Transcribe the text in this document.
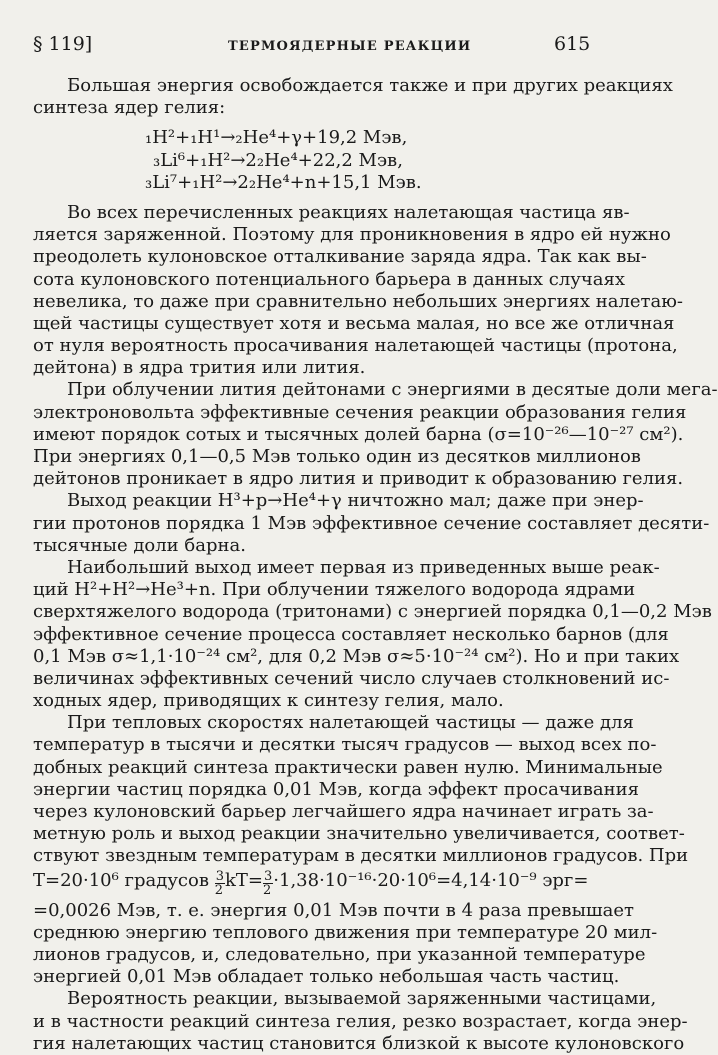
§ 119]	ТЕРМОЯДЕРНЫЕ РЕАКЦИИ	615
Большая энергия освобождается также и при других реакциях
синтеза ядер гелия:
₁H²+₁H¹→₂He⁴+γ+19,2 Мэв,
₃Li⁶+₁H²→2₂He⁴+22,2 Мэв,
₃Li⁷+₁H²→2₂He⁴+n+15,1 Мэв.
Во всех перечисленных реакциях налетающая частица яв-
ляется заряженной. Поэтому для проникновения в ядро ей нужно
преодолеть кулоновское отталкивание заряда ядра. Так как вы-
сота кулоновского потенциального барьера в данных случаях
невелика, то даже при сравнительно небольших энергиях налетаю-
щей частицы существует хотя и весьма малая, но все же отличная
от нуля вероятность просачивания налетающей частицы (протона,
дейтона) в ядра трития или лития.
При облучении лития дейтонами с энергиями в десятые доли мега-
электроновольта эффективные сечения реакции образования гелия
имеют порядок сотых и тысячных долей барна (σ=10⁻²⁶—10⁻²⁷ см²).
При энергиях 0,1—0,5 Мэв только один из десятков миллионов
дейтонов проникает в ядро лития и приводит к образованию гелия.
Выход реакции H³+p→He⁴+γ ничтожно мал; даже при энер-
гии протонов порядка 1 Мэв эффективное сечение составляет десяти-
тысячные доли барна.
Наибольший выход имеет первая из приведенных выше реак-
ций H²+H²→He³+n. При облучении тяжелого водорода ядрами
сверхтяжелого водорода (тритонами) с энергией порядка 0,1—0,2 Мэв
эффективное сечение процесса составляет несколько барнов (для
0,1 Мэв σ≈1,1·10⁻²⁴ см², для 0,2 Мэв σ≈5·10⁻²⁴ см²). Но и при таких
величинах эффективных сечений число случаев столкновений ис-
ходных ядер, приводящих к синтезу гелия, мало.
При тепловых скоростях налетающей частицы — даже для
температур в тысячи и десятки тысяч градусов — выход всех по-
добных реакций синтеза практически равен нулю. Минимальные
энергии частиц порядка 0,01 Мэв, когда эффект просачивания
через кулоновский барьер легчайшего ядра начинает играть за-
метную роль и выход реакции значительно увеличивается, соответ-
ствуют звездным температурам в десятки миллионов градусов. При
T=20·10⁶ градусов $\frac{3}{2} kT= \frac{3}{2} \cdot 1,38\cdot 10^{-16}\cdot 20\cdot 10^6=4,14\cdot 10^{-9}$ эрг=
=0,0026 Мэв, т. е. энергия 0,01 Мэв почти в 4 раза превышает
среднюю энергию теплового движения при температуре 20 мил-
лионов градусов, и, следовательно, при указанной температуре
энергией 0,01 Мэв обладает только небольшая часть частиц.
Вероятность реакции, вызываемой заряженными частицами,
и в частности реакций синтеза гелия, резко возрастает, когда энер-
гия налетающих частиц становится близкой к высоте кулоновского
